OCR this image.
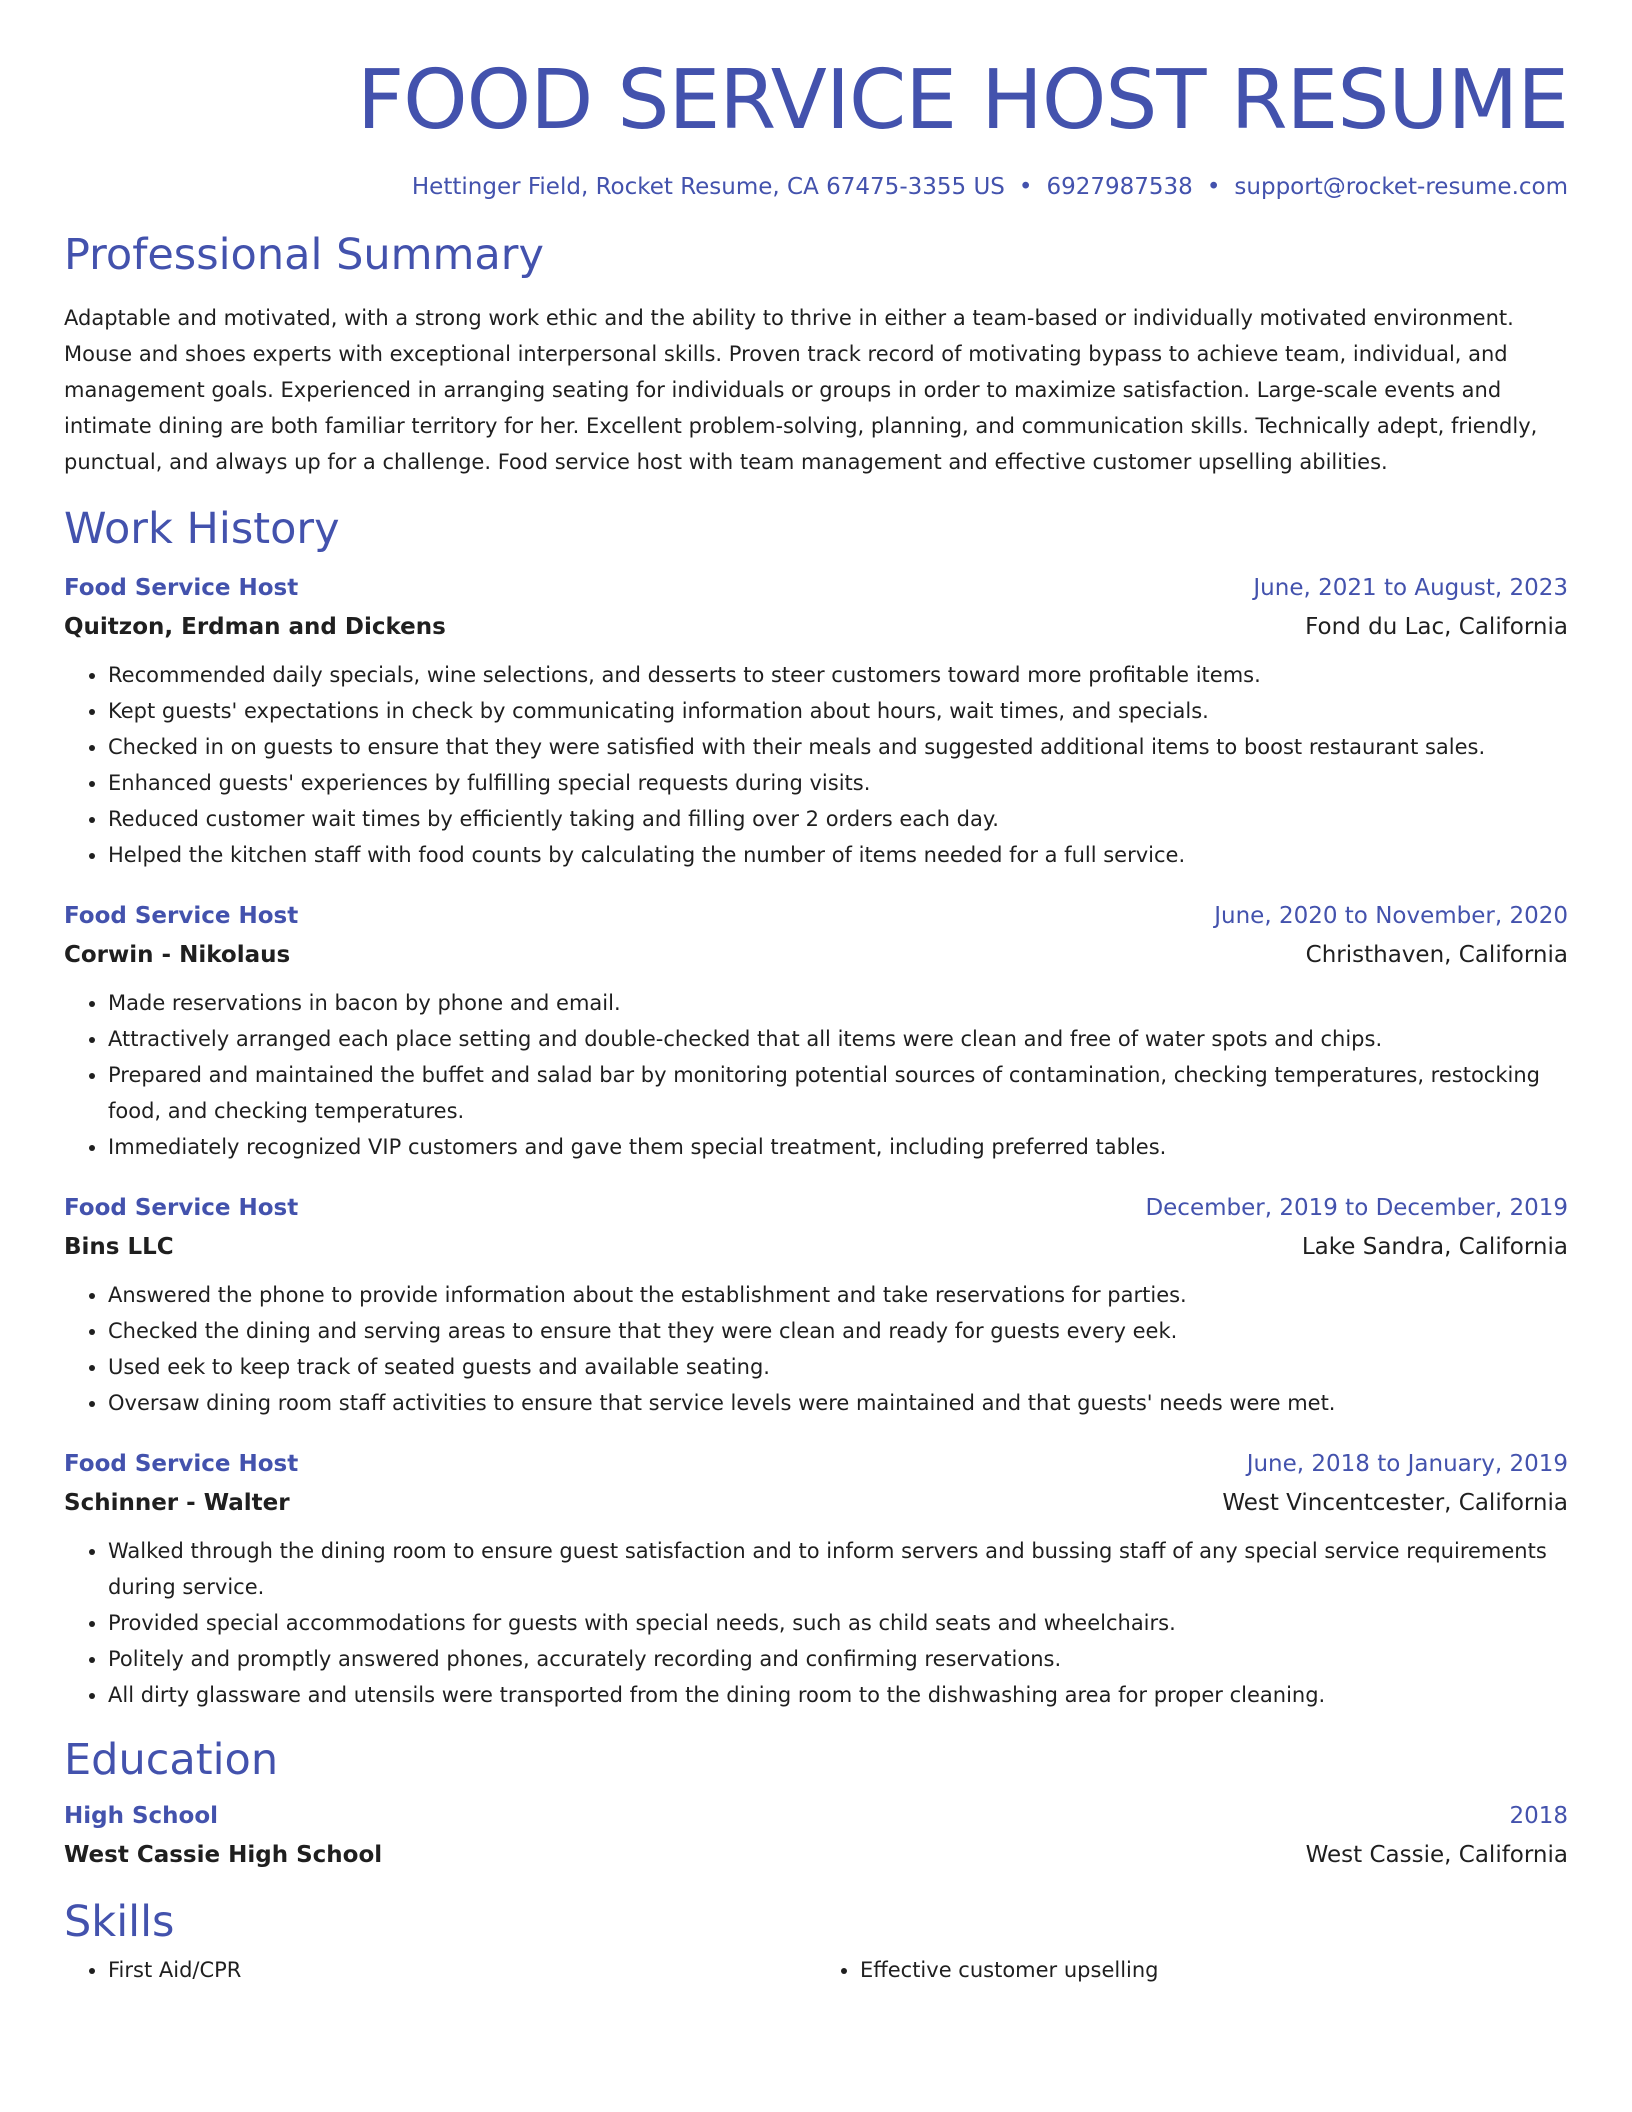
FOOD SERVICE HOST RESUME
Hettinger Field, Rocket Resume, CA 67475-3355 US • 6927987538 • support@rocket-resume.com
Professional Summary

Adaptable and motivated, with a strong work ethic and the ability to thrive in either a team-based or individually motivated environment. Mouse and shoes experts with exceptional interpersonal skills. Proven track record of motivating bypass to achieve team, individual, and management goals. Experienced in arranging seating for individuals or groups in order to maximize satisfaction. Large-scale events and intimate dining are both familiar territory for her. Excellent problem-solving, planning, and communication skills. Technically adept, friendly, punctual, and always up for a challenge. Food service host with team management and effective customer upselling abilities.

Work History
Food Service Host	June, 2021 to August, 2023
Quitzon, Erdman and Dickens	Fond du Lac, California
• Recommended daily specials, wine selections, and desserts to steer customers toward more profitable items.
• Kept guests' expectations in check by communicating information about hours, wait times, and specials.
• Checked in on guests to ensure that they were satisfied with their meals and suggested additional items to boost restaurant sales.
• Enhanced guests' experiences by fulfilling special requests during visits.
• Reduced customer wait times by efficiently taking and filling over 2 orders each day.
• Helped the kitchen staff with food counts by calculating the number of items needed for a full service.
Food Service Host	June, 2020 to November, 2020
Corwin - Nikolaus	Christhaven, California
• Made reservations in bacon by phone and email.
• Attractively arranged each place setting and double-checked that all items were clean and free of water spots and chips.
• Prepared and maintained the buffet and salad bar by monitoring potential sources of contamination, checking temperatures, restocking food, and checking temperatures.
• Immediately recognized VIP customers and gave them special treatment, including preferred tables.
Food Service Host	December, 2019 to December, 2019
Bins LLC	Lake Sandra, California
• Answered the phone to provide information about the establishment and take reservations for parties.
• Checked the dining and serving areas to ensure that they were clean and ready for guests every eek.
• Used eek to keep track of seated guests and available seating.
• Oversaw dining room staff activities to ensure that service levels were maintained and that guests' needs were met.
Food Service Host	June, 2018 to January, 2019
Schinner - Walter	West Vincentcester, California
• Walked through the dining room to ensure guest satisfaction and to inform servers and bussing staff of any special service requirements during service.
• Provided special accommodations for guests with special needs, such as child seats and wheelchairs.
• Politely and promptly answered phones, accurately recording and confirming reservations.
• All dirty glassware and utensils were transported from the dining room to the dishwashing area for proper cleaning.
Education
High School	2018
West Cassie High School	West Cassie, California
Skills
• First Aid/CPR
•	Effective customer upselling
